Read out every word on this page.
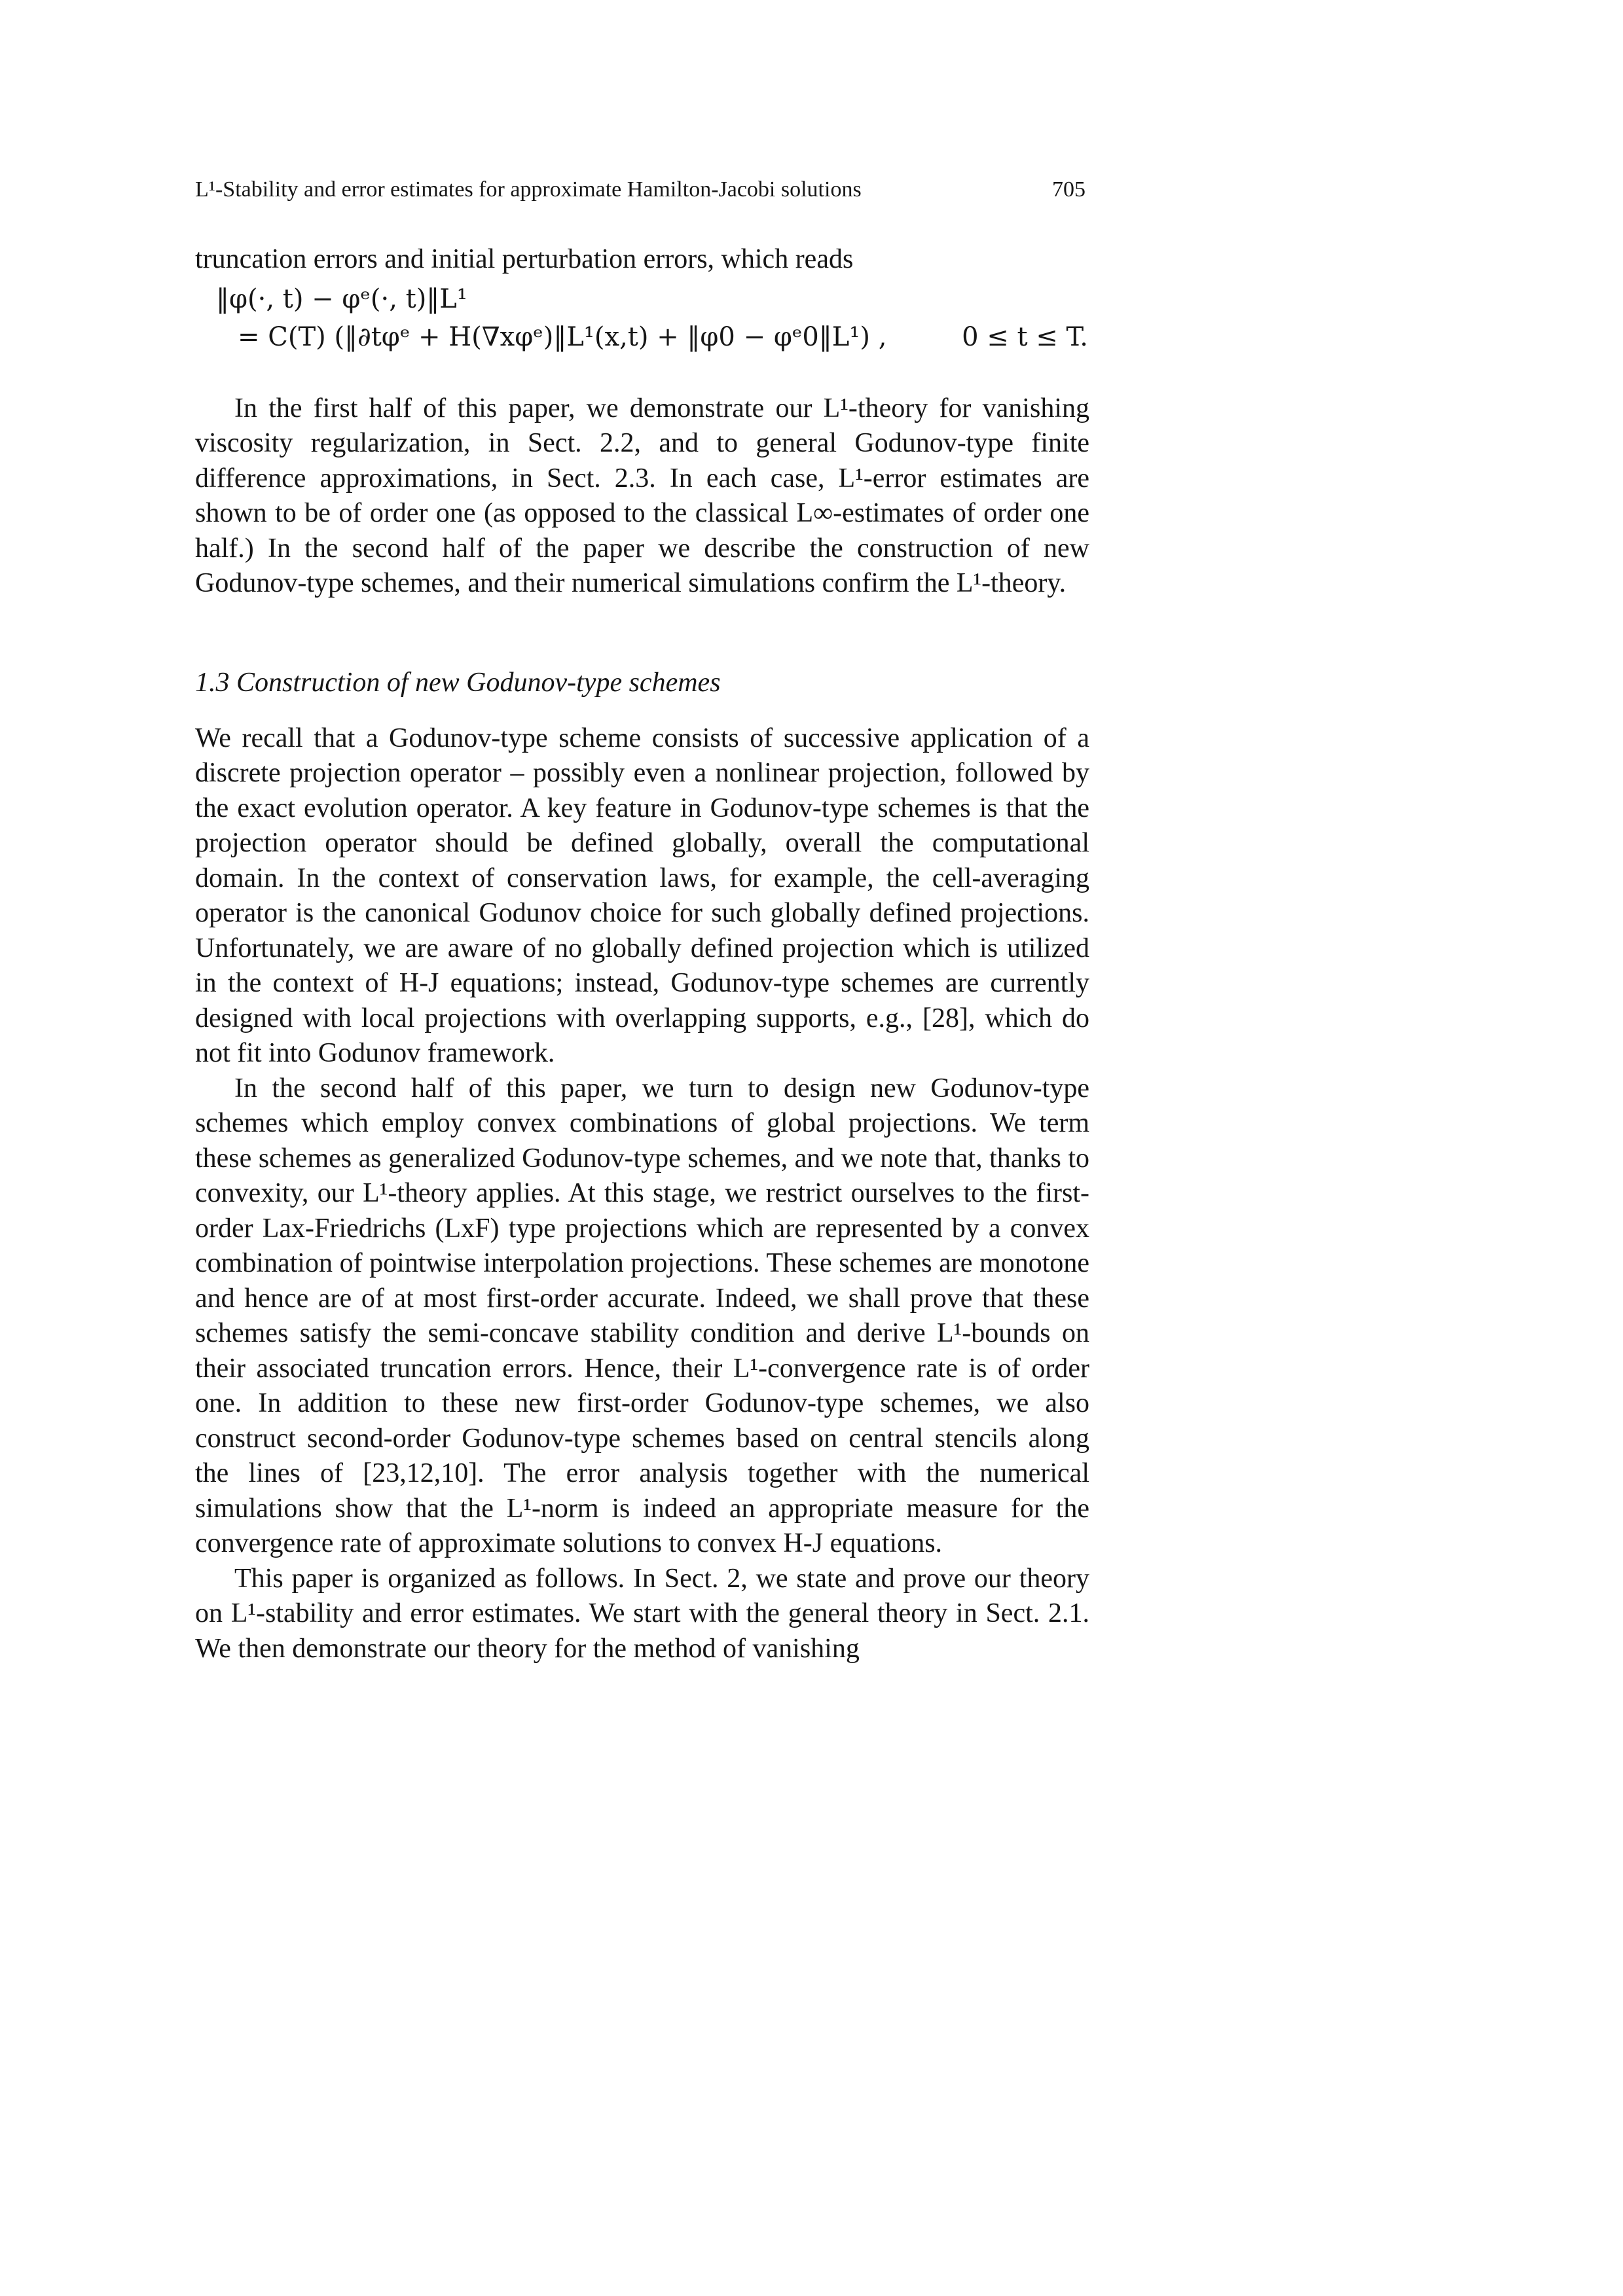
L¹-Stability and error estimates for approximate Hamilton-Jacobi solutions	705

truncation errors and initial perturbation errors, which reads

‖φ(·, t) − φᵉ(·, t)‖L¹
= C(T) (‖∂tφᵉ + H(∇xφᵉ)‖L¹(x,t) + ‖φ0 − φᵉ0‖L¹) ,	0 ≤ t ≤ T.

In the first half of this paper, we demonstrate our L¹-theory for vanishing viscosity regularization, in Sect. 2.2, and to general Godunov-type finite difference approximations, in Sect. 2.3. In each case, L¹-error estimates are shown to be of order one (as opposed to the classical L∞-estimates of order one half.) In the second half of the paper we describe the construction of new Godunov-type schemes, and their numerical simulations confirm the L¹-theory.

1.3 Construction of new Godunov-type schemes

We recall that a Godunov-type scheme consists of successive application of a discrete projection operator – possibly even a nonlinear projection, followed by the exact evolution operator. A key feature in Godunov-type schemes is that the projection operator should be defined globally, overall the computational domain. In the context of conservation laws, for example, the cell-averaging operator is the canonical Godunov choice for such globally defined projections. Unfortunately, we are aware of no globally defined projection which is utilized in the context of H-J equations; instead, Godunov-type schemes are currently designed with local projections with overlapping supports, e.g., [28], which do not fit into Godunov framework.

In the second half of this paper, we turn to design new Godunov-type schemes which employ convex combinations of global projections. We term these schemes as generalized Godunov-type schemes, and we note that, thanks to convexity, our L¹-theory applies. At this stage, we restrict ourselves to the first-order Lax-Friedrichs (LxF) type projections which are represented by a convex combination of pointwise interpolation projections. These schemes are monotone and hence are of at most first-order accurate. Indeed, we shall prove that these schemes satisfy the semi-concave stability condition and derive L¹-bounds on their associated truncation errors. Hence, their L¹-convergence rate is of order one. In addition to these new first-order Godunov-type schemes, we also construct second-order Godunov-type schemes based on central stencils along the lines of [23,12,10]. The error analysis together with the numerical simulations show that the L¹-norm is indeed an appropriate measure for the convergence rate of approximate solutions to convex H-J equations.

This paper is organized as follows. In Sect. 2, we state and prove our theory on L¹-stability and error estimates. We start with the general theory in Sect. 2.1. We then demonstrate our theory for the method of vanishing
